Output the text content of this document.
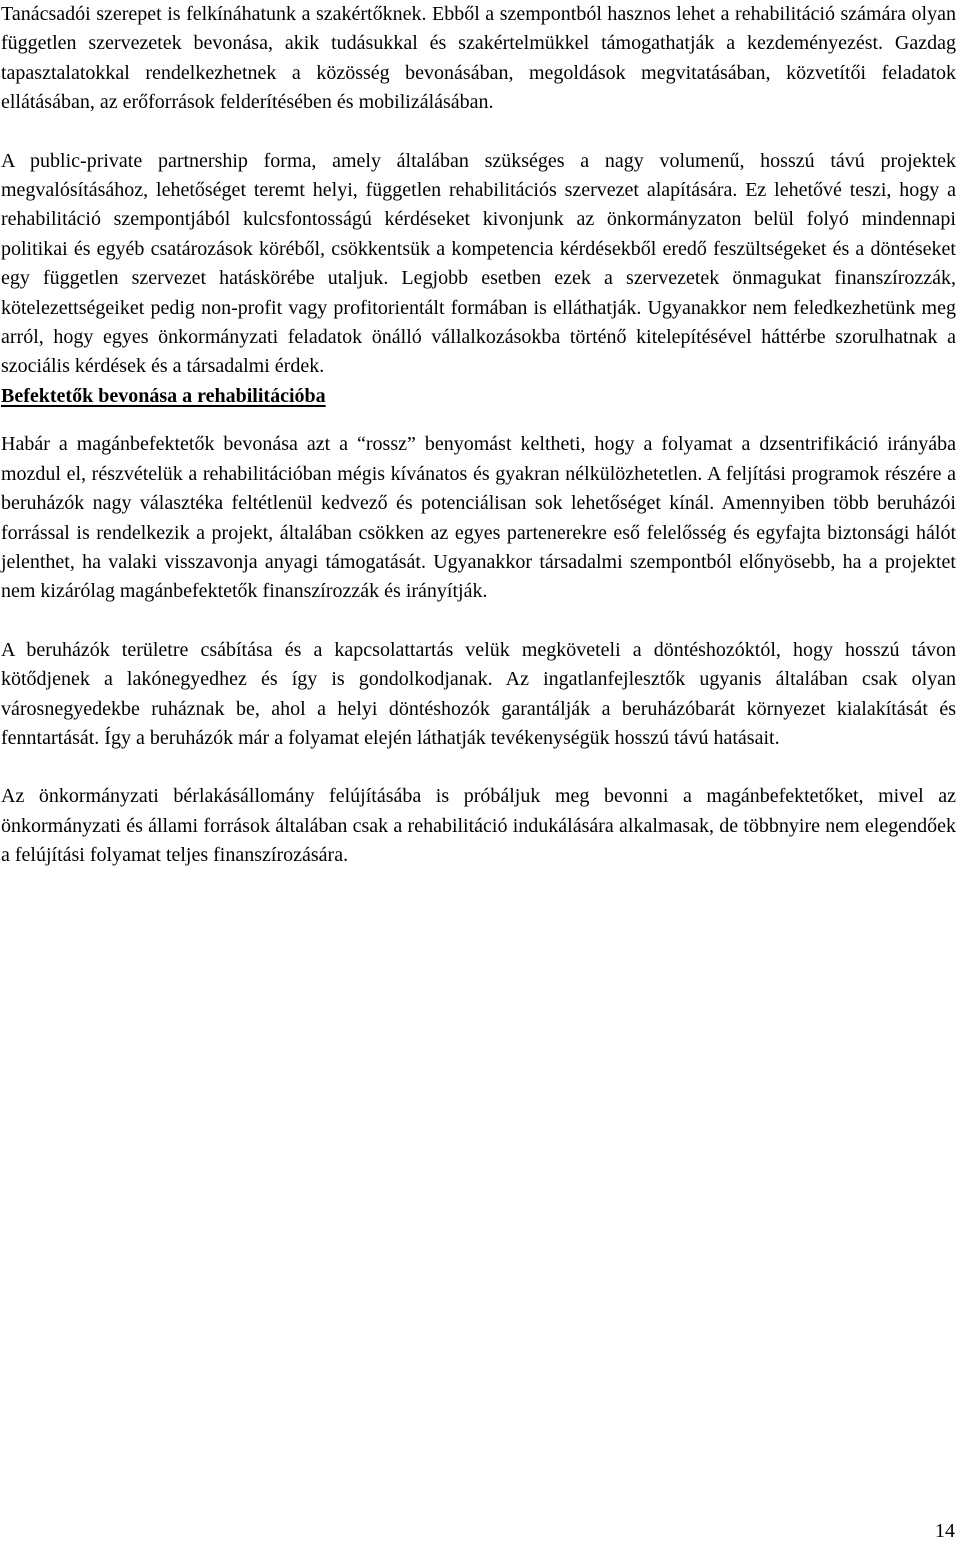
Tanácsadói szerepet is felkínáhatunk a szakértőknek. Ebből a szempontból hasznos lehet a rehabilitáció számára olyan független szervezetek bevonása, akik tudásukkal és szakértelmükkel támogathatják a kezdeményezést. Gazdag tapasztalatokkal rendelkezhetnek a közösség bevonásában, megoldások megvitatásában, közvetítői feladatok ellátásában, az erőforrások felderítésében és mobilizálásában.

A public-private partnership forma, amely általában szükséges a nagy volumenű, hosszú távú projektek megvalósításához, lehetőséget teremt helyi, független rehabilitációs szervezet alapítására. Ez lehetővé teszi, hogy a rehabilitáció szempontjából kulcsfontosságú kérdéseket kivonjunk az önkormányzaton belül folyó mindennapi politikai és egyéb csatározások köréből, csökkentsük a kompetencia kérdésekből eredő feszültségeket és a döntéseket egy független szervezet hatáskörébe utaljuk. Legjobb esetben ezek a szervezetek önmagukat finanszírozzák, kötelezettségeiket pedig non-profit vagy profitorientált formában is elláthatják. Ugyanakkor nem feledkezhetünk meg arról, hogy egyes önkormányzati feladatok önálló vállalkozásokba történő kitelepítésével háttérbe szorulhatnak a szociális kérdések és a társadalmi érdek.

Befektetők bevonása a rehabilitációba

Habár a magánbefektetők bevonása azt a “rossz” benyomást keltheti, hogy a folyamat a dzsentrifikáció irányába mozdul el, részvételük a rehabilitációban mégis kívánatos és gyakran nélkülözhetetlen. A feljítási programok részére a beruházók nagy választéka feltétlenül kedvező és potenciálisan sok lehetőséget kínál. Amennyiben több beruházói forrással is rendelkezik a projekt, általában csökken az egyes partenerekre eső felelősség és egyfajta biztonsági hálót jelenthet, ha valaki visszavonja anyagi támogatását. Ugyanakkor társadalmi szempontból előnyösebb, ha a projektet nem kizárólag magánbefektetők finanszírozzák és irányítják.

A beruházók területre csábítása és a kapcsolattartás velük megköveteli a döntéshozóktól, hogy hosszú távon kötődjenek a lakónegyedhez és így is gondolkodjanak. Az ingatlanfejlesztők ugyanis általában csak olyan városnegyedekbe ruháznak be, ahol a helyi döntéshozók garantálják a beruházóbarát környezet kialakítását és fenntartását. Így a beruházók már a folyamat elején láthatják tevékenységük hosszú távú hatásait.

Az önkormányzati bérlakásállomány felújításába is próbáljuk meg bevonni a magánbefektetőket, mivel az önkormányzati és állami források általában csak a rehabilitáció indukálására alkalmasak, de többnyire nem elegendőek a felújítási folyamat teljes finanszírozására.

14
